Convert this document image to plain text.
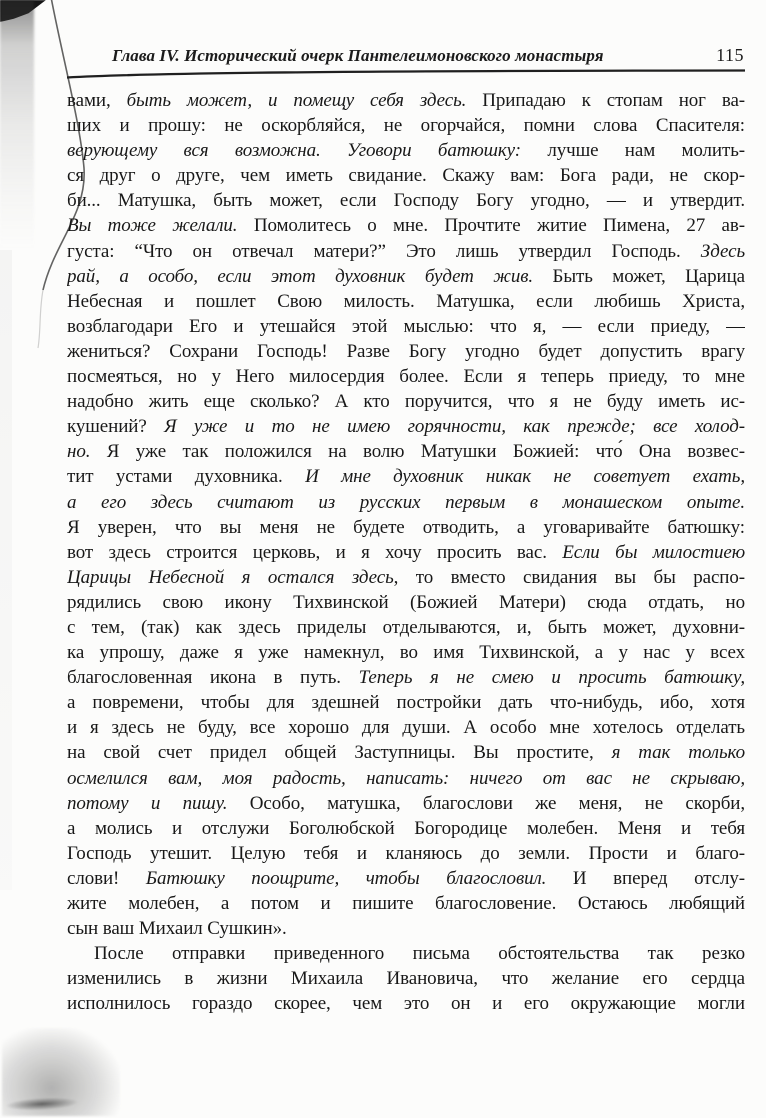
Глава IV. Исторический очерк Пантелеимоновского монастыря	115
вами, быть может, и помещу себя здесь. Припадаю к стопам ног ва-
ших и прошу: не оскорбляйся, не огорчайся, помни слова Спасителя:
верующему вся возможна. Уговори батюшку: лучше нам молить-
ся друг о друге, чем иметь свидание. Скажу вам: Бога ради, не скор-
би... Матушка, быть может, если Господу Богу угодно, — и утвердит.
Вы тоже желали. Помолитесь о мне. Прочтите житие Пимена, 27 ав-
густа: “Что он отвечал матери?” Это лишь утвердил Господь. Здесь
рай, а особо, если этот духовник будет жив. Быть может, Царица
Небесная и пошлет Свою милость. Матушка, если любишь Христа,
возблагодари Его и утешайся этой мыслью: что я, — если приеду, —
жениться? Сохрани Господь! Разве Богу угодно будет допустить врагу
посмеяться, но у Него милосердия более. Если я теперь приеду, то мне
надобно жить еще сколько? А кто поручится, что я не буду иметь ис-
кушений? Я уже и то не имею горячности, как прежде; все холод-
но. Я уже так положился на волю Матушки Божией: что́ Она возвес-
тит устами духовника. И мне духовник никак не советует ехать,
а его здесь считают из русских первым в монашеском опыте.
Я уверен, что вы меня не будете отводить, а уговаривайте батюшку:
вот здесь строится церковь, и я хочу просить вас. Если бы милостиею
Царицы Небесной я остался здесь, то вместо свидания вы бы распо-
рядились свою икону Тихвинской (Божией Матери) сюда отдать, но
с тем, (так) как здесь приделы отделываются, и, быть может, духовни-
ка упрошу, даже я уже намекнул, во имя Тихвинской, а у нас у всех
благословенная икона в путь. Теперь я не смею и просить батюшку,
а повремени, чтобы для здешней постройки дать что-нибудь, ибо, хотя
и я здесь не буду, все хорошо для души. А особо мне хотелось отделать
на свой счет придел общей Заступницы. Вы простите, я так только
осмелился вам, моя радость, написать: ничего от вас не скрываю,
потому и пишу. Особо, матушка, благослови же меня, не скорби,
а молись и отслужи Боголюбской Богородице молебен. Меня и тебя
Господь утешит. Целую тебя и кланяюсь до земли. Прости и благо-
слови! Батюшку поощрите, чтобы благословил. И вперед отслу-
жите молебен, а потом и пишите благословение. Остаюсь любящий
сын ваш Михаил Сушкин».
После отправки приведенного письма обстоятельства так резко
изменились в жизни Михаила Ивановича, что желание его сердца
исполнилось гораздо скорее, чем это он и его окружающие могли
